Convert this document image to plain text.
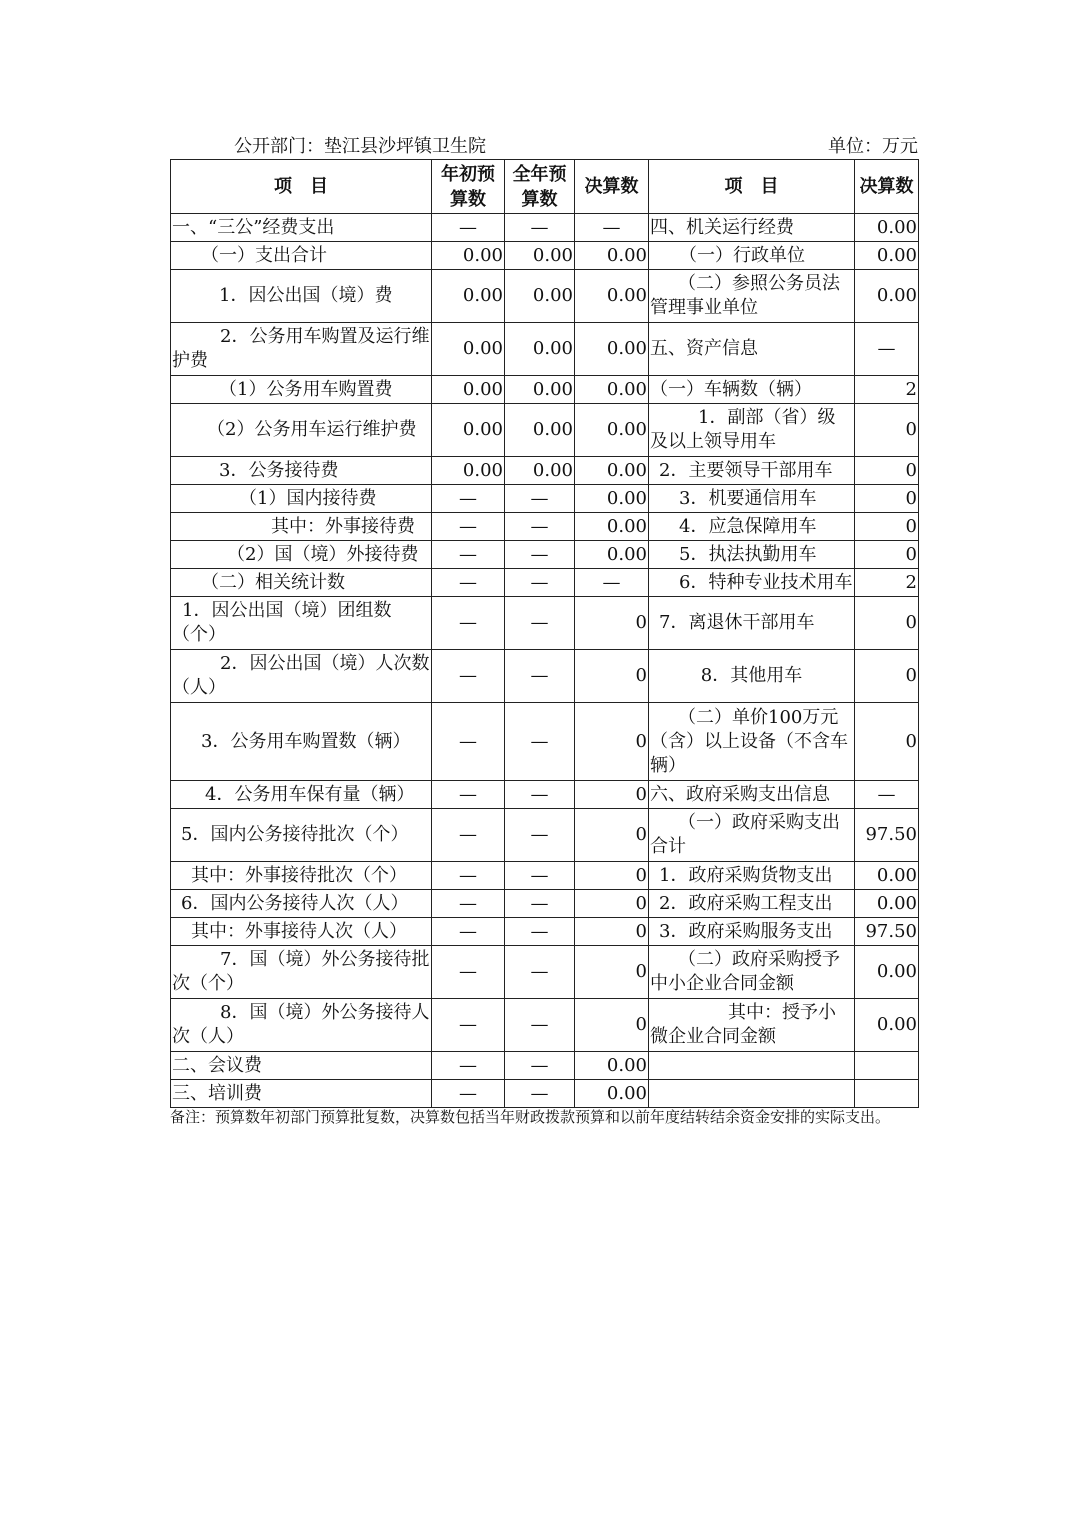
公开部门：垫江县沙坪镇卫生院	单位：万元
项　目	年初预算数	全年预算数	决算数	项　目	决算数
一、“三公”经费支出	—	—	—	四、机关运行经费	0.00
（一）支出合计	0.00	0.00	0.00	（一）行政单位	0.00
1．因公出国（境）费	0.00	0.00	0.00	（二）参照公务员法管理事业单位	0.00
2．公务用车购置及运行维护费	0.00	0.00	0.00	五、资产信息	—
（1）公务用车购置费	0.00	0.00	0.00	（一）车辆数（辆）	2
（2）公务用车运行维护费	0.00	0.00	0.00	1．副部（省）级及以上领导用车	0
3．公务接待费	0.00	0.00	0.00	2．主要领导干部用车	0
（1）国内接待费	—	—	0.00	3．机要通信用车	0
其中：外事接待费	—	—	0.00	4．应急保障用车	0
（2）国（境）外接待费	—	—	0.00	5．执法执勤用车	0
（二）相关统计数	—	—	—	6．特种专业技术用车	2
1．因公出国（境）团组数（个）	—	—	0	7．离退休干部用车	0
2．因公出国（境）人次数（人）	—	—	0	8．其他用车	0
3．公务用车购置数（辆）	—	—	0	（二）单价100万元（含）以上设备（不含车辆）	0
4．公务用车保有量（辆）	—	—	0	六、政府采购支出信息	—
5．国内公务接待批次（个）	—	—	0	（一）政府采购支出合计	97.50
其中：外事接待批次（个）	—	—	0	1．政府采购货物支出	0.00
6．国内公务接待人次（人）	—	—	0	2．政府采购工程支出	0.00
其中：外事接待人次（人）	—	—	0	3．政府采购服务支出	97.50
7．国（境）外公务接待批次（个）	—	—	0	（二）政府采购授予中小企业合同金额	0.00
8．国（境）外公务接待人次（人）	—	—	0	其中：授予小微企业合同金额	0.00
二、会议费	—	—	0.00		
三、培训费	—	—	0.00		
备注：预算数年初部门预算批复数，决算数包括当年财政拨款预算和以前年度结转结余资金安排的实际支出。
